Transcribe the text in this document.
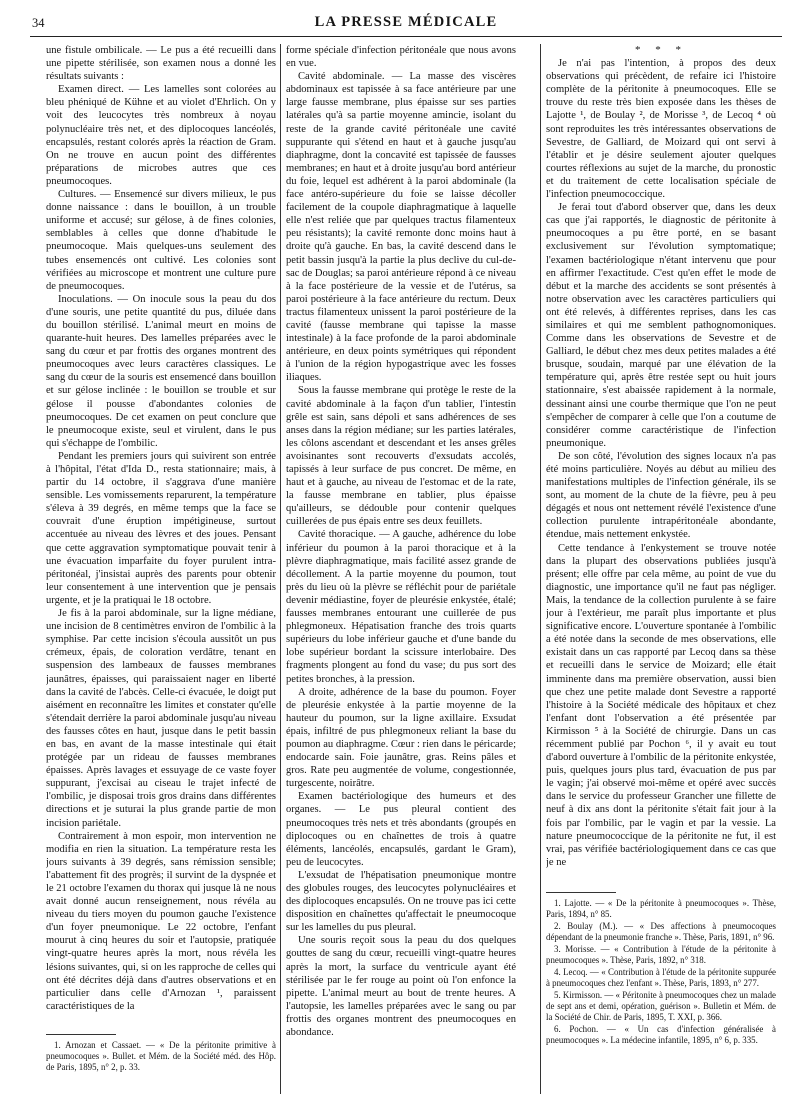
34	LA PRESSE MÉDICALE

une fistule ombilicale. — Le pus a été recueilli dans une pipette stérilisée, son examen nous a donné les résultats suivants :

Examen direct. — Les lamelles sont colorées au bleu phéniqué de Kühne et au violet d'Ehrlich. On y voit des leucocytes très nombreux à noyau polynucléaire très net, et des diplocoques lancéolés, encapsulés, restant colorés après la réaction de Gram. On ne trouve en aucun point des différentes préparations de microbes autres que ces pneumocoques.

Cultures. — Ensemencé sur divers milieux, le pus donne naissance : dans le bouillon, à un trouble uniforme et accusé; sur gélose, à de fines colonies, semblables à celles que donne d'habitude le pneumocoque. Mais quelques-uns seulement des tubes ensemencés ont cultivé. Les colonies sont vérifiées au microscope et montrent une culture pure de pneumocoques.

Inoculations. — On inocule sous la peau du dos d'une souris, une petite quantité du pus, diluée dans du bouillon stérilisé. L'animal meurt en moins de quarante-huit heures. Des lamelles préparées avec le sang du cœur et par frottis des organes montrent des pneumocoques avec leurs caractères classiques. Le sang du cœur de la souris est ensemencé dans bouillon et sur gélose inclinée : le bouillon se trouble et sur gélose il pousse d'abondantes colonies de pneumocoques. De cet examen on peut conclure que le pneumocoque existe, seul et virulent, dans le pus qui s'échappe de l'ombilic.

Pendant les premiers jours qui suivirent son entrée à l'hôpital, l'état d'Ida D., resta stationnaire; mais, à partir du 14 octobre, il s'aggrava d'une manière sensible. Les vomissements reparurent, la température s'éleva à 39 degrés, en même temps que la face se couvrait d'une éruption impétigineuse, surtout accentuée au niveau des lèvres et des joues. Pensant que cette aggravation symptomatique pouvait tenir à une évacuation imparfaite du foyer purulent intra-péritonéal, j'insistai auprès des parents pour obtenir leur consentement à une intervention que je pensais urgente, et je la pratiquai le 18 octobre.

Je fis à la paroi abdominale, sur la ligne médiane, une incision de 8 centimètres environ de l'ombilic à la symphise. Par cette incision s'écoula aussitôt un pus crémeux, épais, de coloration verdâtre, tenant en suspension des lambeaux de fausses membranes jaunâtres, épaisses, qui paraissaient nager en liberté dans la cavité de l'abcès. Celle-ci évacuée, le doigt put aisément en reconnaître les limites et constater qu'elle s'étendait derrière la paroi abdominale jusqu'au niveau des fausses côtes en haut, jusque dans le petit bassin en bas, en avant de la masse intestinale qui était protégée par un rideau de fausses membranes épaisses. Après lavages et essuyage de ce vaste foyer suppurant, j'excisai au ciseau le trajet infecté de l'ombilic, je disposai trois gros drains dans différentes directions et je suturai la plus grande partie de mon incision pariétale.

Contrairement à mon espoir, mon intervention ne modifia en rien la situation. La température resta les jours suivants à 39 degrés, sans rémission sensible; l'abattement fit des progrès; il survint de la dyspnée et le 21 octobre l'examen du thorax qui jusque là ne nous avait donné aucun renseignement, nous révéla au niveau du tiers moyen du poumon gauche l'existence d'un foyer pneumonique. Le 22 octobre, l'enfant mourut à cinq heures du soir et l'autopsie, pratiquée vingt-quatre heures après la mort, nous révéla les lésions suivantes, qui, si on les rapproche de celles qui ont été décrites déjà dans d'autres observations et en particulier dans celle d'Arnozan ¹, paraissent caractéristiques de la

forme spéciale d'infection péritonéale que nous avons en vue.

Cavité abdominale. — La masse des viscères abdominaux est tapissée à sa face antérieure par une large fausse membrane, plus épaisse sur ses parties latérales qu'à sa partie moyenne amincie, isolant du reste de la grande cavité péritonéale une cavité suppurante qui s'étend en haut et à gauche jusqu'au diaphragme, dont la concavité est tapissée de fausses membranes; en haut et à droite jusqu'au bord antérieur du foie, lequel est adhérent à la paroi abdominale (la face antéro-supérieure du foie se laisse décoller facilement de la coupole diaphragmatique à laquelle elle n'est reliée que par quelques tractus filamenteux peu résistants); la cavité remonte donc moins haut à droite qu'à gauche. En bas, la cavité descend dans le petit bassin jusqu'à la partie la plus declive du cul-de-sac de Douglas; sa paroi antérieure répond à ce niveau à la face postérieure de la vessie et de l'utérus, sa paroi postérieure à la face antérieure du rectum. Deux tractus filamenteux unissent la paroi postérieure de la cavité (fausse membrane qui tapisse la masse intestinale) à la face profonde de la paroi abdominale antérieure, en deux points symétriques qui répondent à l'union de la région hypogastrique avec les fosses iliaques.

Sous la fausse membrane qui protège le reste de la cavité abdominale à la façon d'un tablier, l'intestin grêle est sain, sans dépoli et sans adhérences de ses anses dans la région médiane; sur les parties latérales, les côlons ascendant et descendant et les anses grêles avoisinantes sont recouverts d'exsudats accolés, tapissés à leur surface de pus concret. De même, en haut et à gauche, au niveau de l'estomac et de la rate, la fausse membrane en tablier, plus épaisse qu'ailleurs, se dédouble pour contenir quelques cuillerées de pus épais entre ses deux feuillets.

Cavité thoracique. — A gauche, adhérence du lobe inférieur du poumon à la paroi thoracique et à la plèvre diaphragmatique, mais facilité assez grande de décollement. A la partie moyenne du poumon, tout près du lieu où la plèvre se réfléchit pour de pariétale devenir médiastine, foyer de pleurésie enkystée, étalé; fausses membranes entourant une cuillerée de pus phlegmoneux. Hépatisation franche des trois quarts supérieurs du lobe inférieur gauche et d'une bande du lobe supérieur bordant la scissure interlobaire. Des fragments plongent au fond du vase; du pus sort des petites bronches, à la pression.

A droite, adhérence de la base du poumon. Foyer de pleurésie enkystée à la partie moyenne de la hauteur du poumon, sur la ligne axillaire. Exsudat épais, infiltré de pus phlegmoneux reliant la base du poumon au diaphragme. Cœur : rien dans le péricarde; endocarde sain. Foie jaunâtre, gras. Reins pâles et gros. Rate peu augmentée de volume, congestionnée, turgescente, noirâtre.

Examen bactériologique des humeurs et des organes. — Le pus pleural contient des pneumocoques très nets et très abondants (groupés en diplocoques ou en chaînettes de trois à quatre éléments, lancéolés, encapsulés, gardant le Gram), peu de leucocytes.

L'exsudat de l'hépatisation pneumonique montre des globules rouges, des leucocytes polynucléaires et des diplocoques encapsulés. On ne trouve pas ici cette disposition en chaînettes qu'affectait le pneumocoque sur les lamelles du pus pleural.

Une souris reçoit sous la peau du dos quelques gouttes de sang du cœur, recueilli vingt-quatre heures après la mort, la surface du ventricule ayant été stérilisée par le fer rouge au point où l'on enfonce la pipette. L'animal meurt au bout de trente heures. A l'autopsie, les lamelles préparées avec le sang ou par frottis des organes montrent des pneumocoques en abondance.

* * *

Je n'ai pas l'intention, à propos des deux observations qui précèdent, de refaire ici l'histoire complète de la péritonite à pneumocoques. Elle se trouve du reste très bien exposée dans les thèses de Lajotte ¹, de Boulay ², de Morisse ³, de Lecoq ⁴ où sont reproduites les très intéressantes observations de Sevestre, de Galliard, de Moizard qui ont servi à l'établir et je désire seulement ajouter quelques courtes réflexions au sujet de la marche, du pronostic et du traitement de cette localisation spéciale de l'infection pneumococcique.

Je ferai tout d'abord observer que, dans les deux cas que j'ai rapportés, le diagnostic de péritonite à pneumocoques a pu être porté, en se basant exclusivement sur l'évolution symptomatique; l'examen bactériologique n'étant intervenu que pour en affirmer l'exactitude. C'est qu'en effet le mode de début et la marche des accidents se sont présentés à notre observation avec les caractères particuliers qui ont été relevés, à différentes reprises, dans les cas similaires et qui me semblent pathognomoniques. Comme dans les observations de Sevestre et de Galliard, le début chez mes deux petites malades a été brusque, soudain, marqué par une élévation de la température qui, après être restée sept ou huit jours stationnaire, s'est abaissée rapidement à la normale, dessinant ainsi une courbe thermique que l'on ne peut s'empêcher de comparer à celle que l'on a coutume de considérer comme caractéristique de l'infection pneumonique.

De son côté, l'évolution des signes locaux n'a pas été moins particulière. Noyés au début au milieu des manifestations multiples de l'infection générale, ils se sont, au moment de la chute de la fièvre, peu à peu dégagés et nous ont nettement révélé l'existence d'une collection purulente intrapéritonéale abondante, étendue, mais nettement enkystée.

Cette tendance à l'enkystement se trouve notée dans la plupart des observations publiées jusqu'à présent; elle offre par cela même, au point de vue du diagnostic, une importance qu'il ne faut pas négliger. Mais, la tendance de la collection purulente à se faire jour à l'extérieur, me paraît plus importante et plus significative encore. L'ouverture spontanée à l'ombilic a été notée dans la seconde de mes observations, elle existait dans un cas rapporté par Lecoq dans sa thèse et recueilli dans le service de Moizard; elle était imminente dans ma première observation, aussi bien que chez une petite malade dont Sevestre a rapporté l'histoire à la Société médicale des hôpitaux et chez l'enfant dont l'observation a été présentée par Kirmisson ⁵ à la Société de chirurgie. Dans un cas récemment publié par Pochon ⁶, il y avait eu tout d'abord ouverture à l'ombilic de la péritonite enkystée, puis, quelques jours plus tard, évacuation de pus par le vagin; j'ai observé moi-même et opéré avec succès dans le service du professeur Grancher une fillette de neuf à dix ans dont la péritonite s'était fait jour à la fois par l'ombilic, par le vagin et par la vessie. La nature pneumococcique de la péritonite ne fut, il est vrai, pas vérifiée bactériologiquement dans ce cas que je ne

1. Arnozan et Cassaet. — « De la péritonite primitive à pneumocoques ». Bullet. et Mém. de la Société méd. des Hôp. de Paris, 1895, n° 2, p. 33.

1. Lajotte. — « De la péritonite à pneumocoques ». Thèse, Paris, 1894, n° 85.

2. Boulay (M.). — « Des affections à pneumocoques dépendant de la pneumonie franche ». Thèse, Paris, 1891, n° 96.

3. Morisse. — « Contribution à l'étude de la péritonite à pneumocoques ». Thèse, Paris, 1892, n° 318.

4. Lecoq. — « Contribution à l'étude de la péritonite suppurée à pneumocoques chez l'enfant ». Thèse, Paris, 1893, n° 277.

5. Kirmisson. — « Péritonite à pneumocoques chez un malade de sept ans et demi, opération, guérison ». Bulletin et Mém. de la Société de Chir. de Paris, 1895, T. XXI, p. 366.

6. Pochon. — « Un cas d'infection généralisée à pneumocoques ». La médecine infantile, 1895, n° 6, p. 335.
